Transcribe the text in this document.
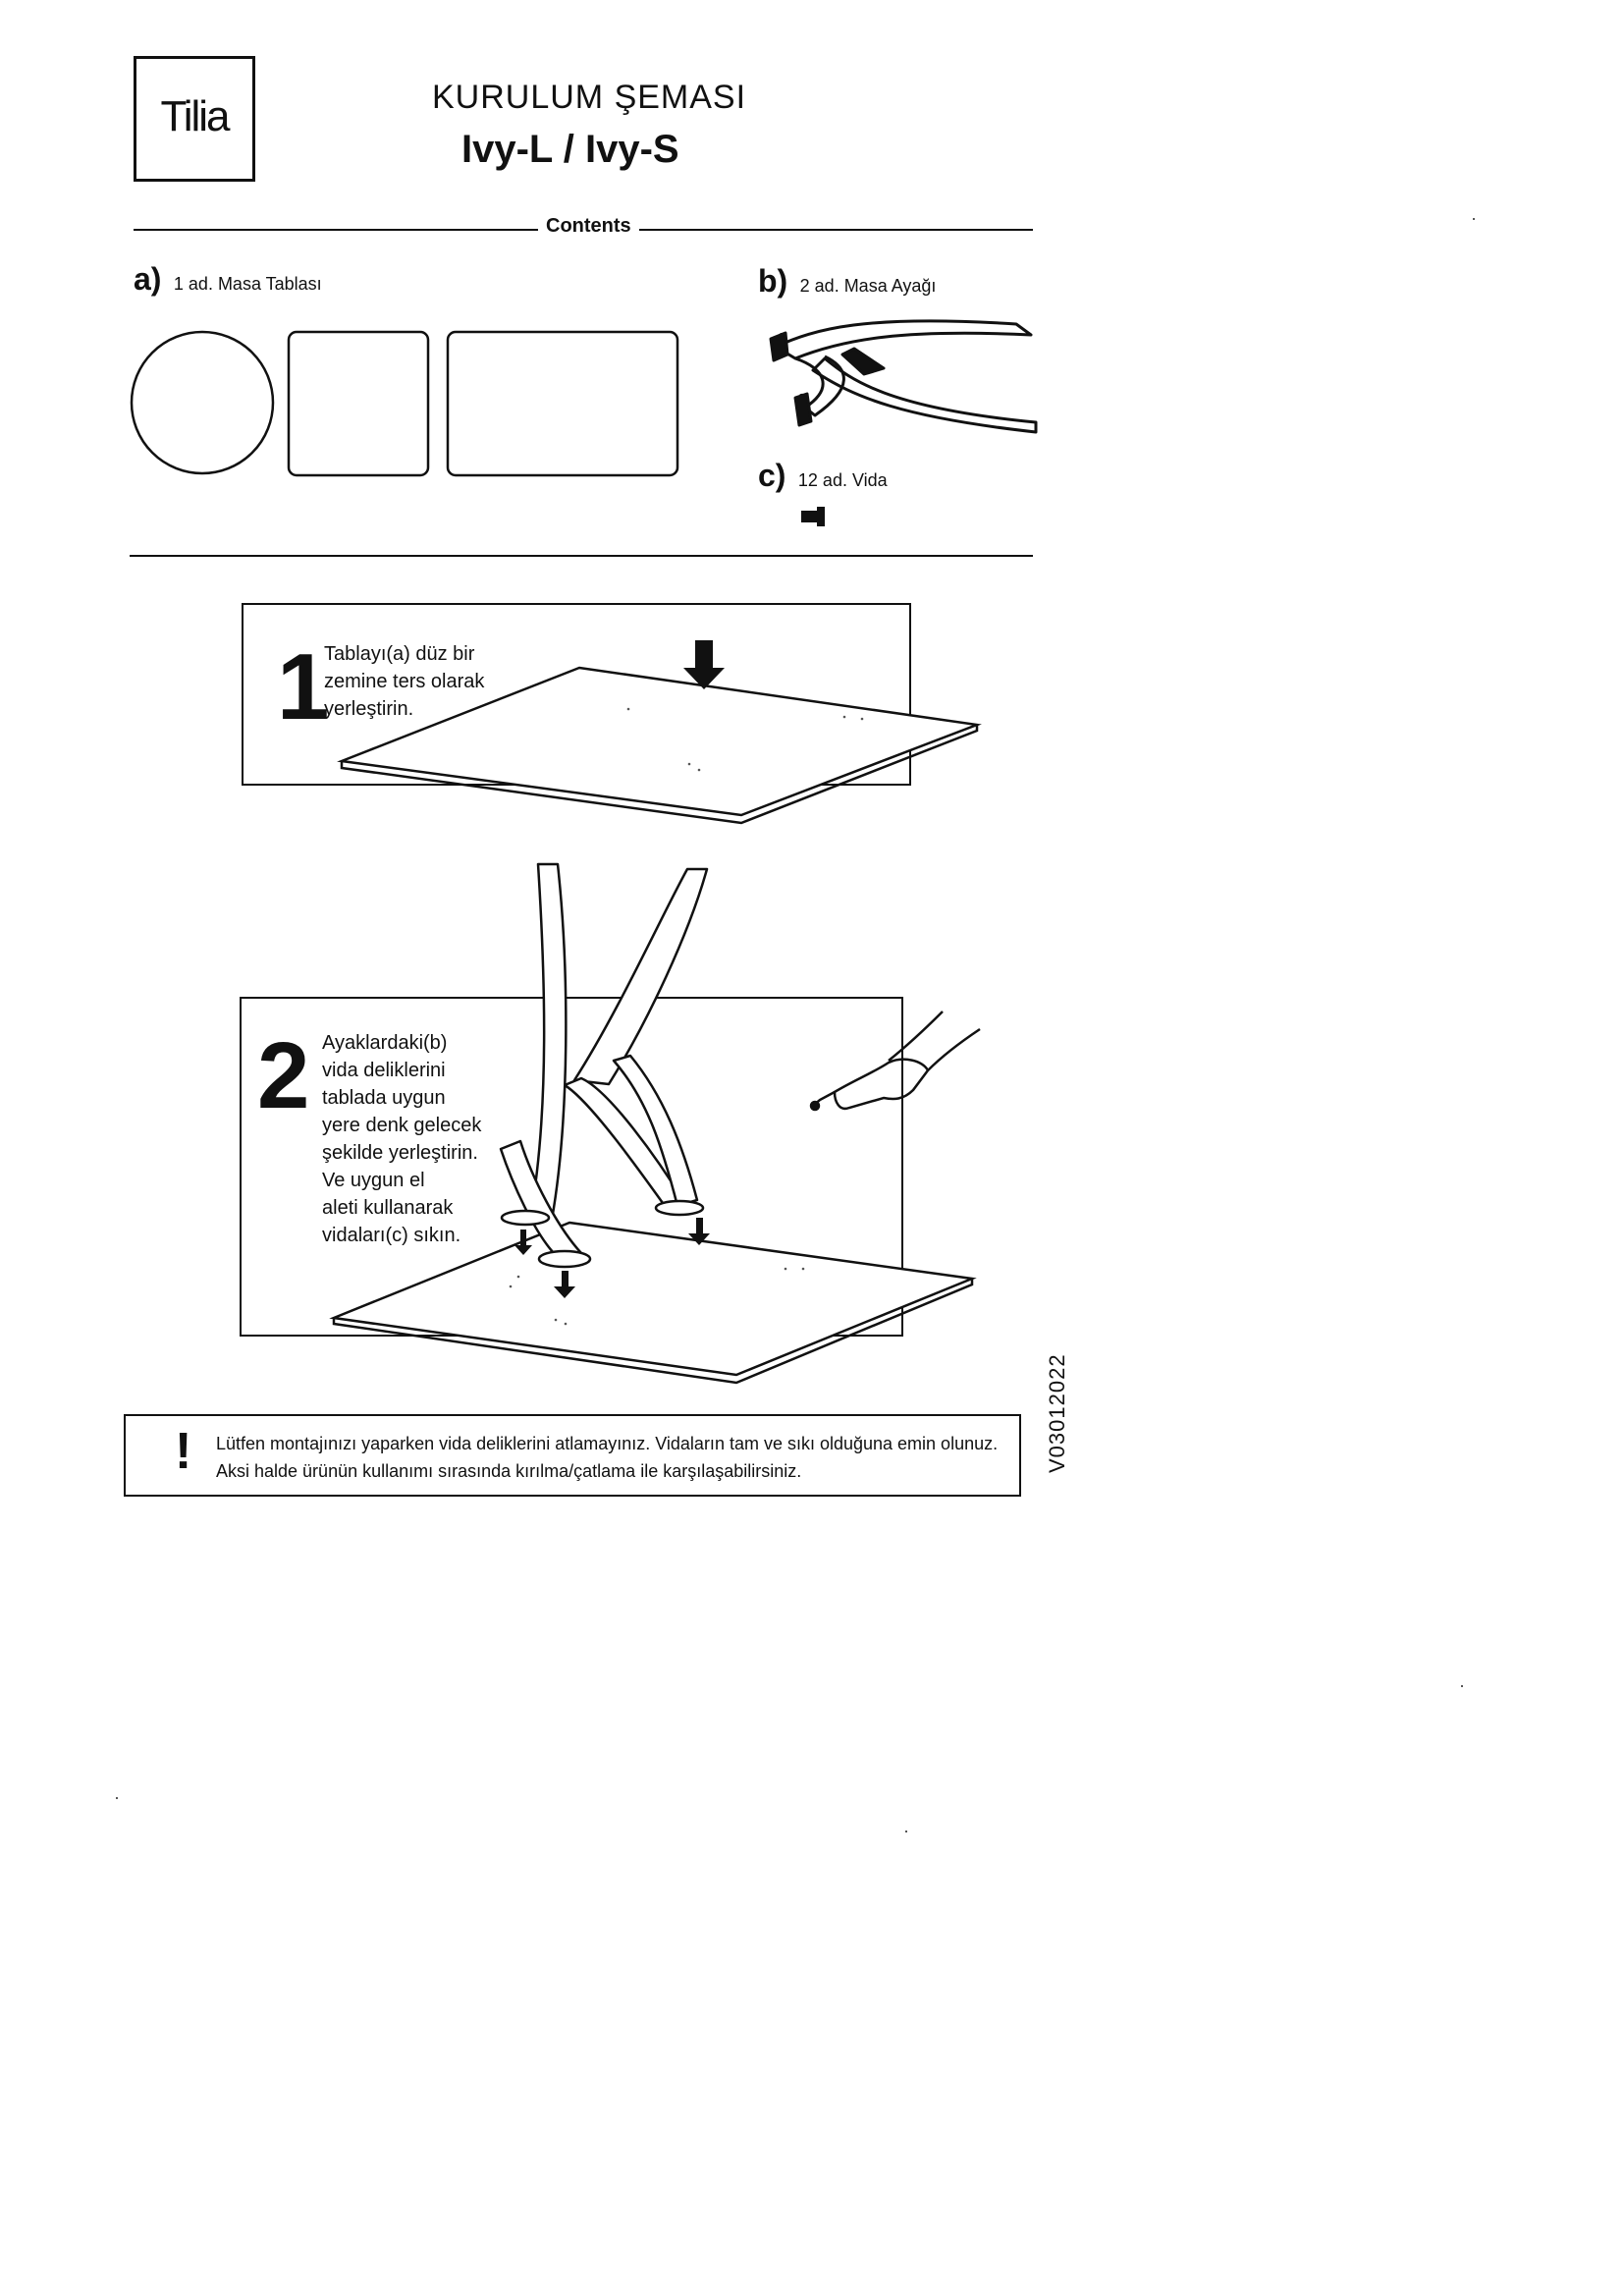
Tilia	KURULUM ŞEMASI
Ivy-L / Ivy-S
Contents
a) 1 ad. Masa Tablası	b) 2 ad. Masa Ayağı
c) 12 ad. Vida
1
Tablayı(a) düz bir
zemine ters olarak
yerleştirin.
2 Ayaklardaki(b)
vida deliklerini
tablada uygun
yere denk gelecek
şekilde yerleştirin.
Ve uygun el
aleti kullanarak
vidaları(c) sıkın.
! Lütfen montajınızı yaparken vida deliklerini atlamayınız. Vidaların tam ve sıkı olduğuna emin olunuz. Aksi halde ürünün kullanımı sırasında kırılma/çatlama ile karşılaşabilirsiniz.	V03012022
